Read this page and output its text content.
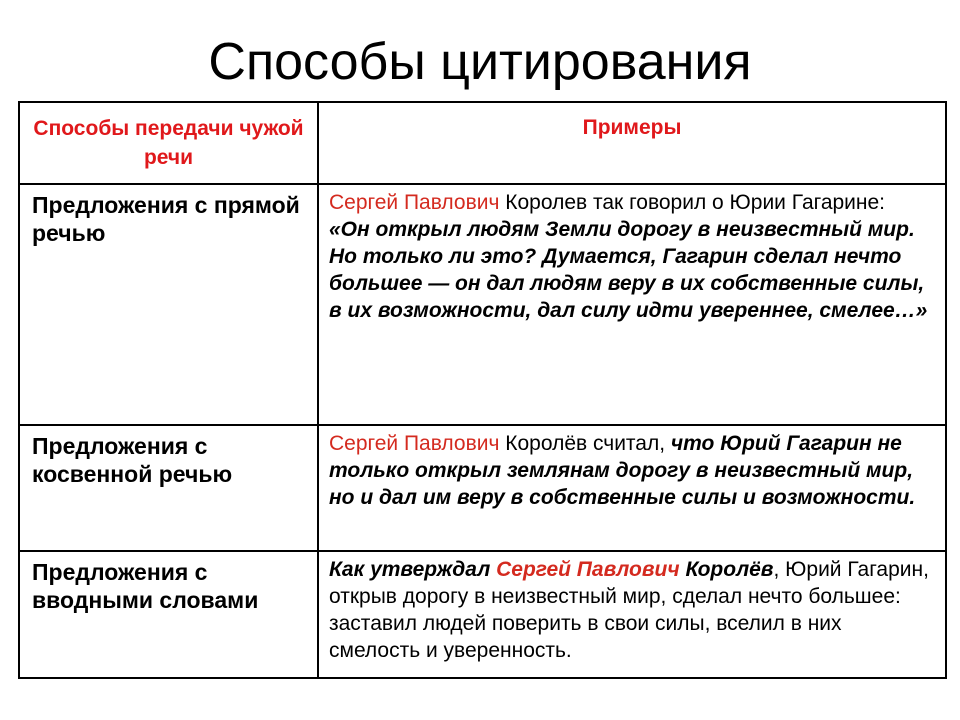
Способы цитирования
Способы передачи чужой речи	Примеры

Предложения с прямой речью	Сергей Павлович Королев так говорил о Юрии Гагарине:
«Он открыл людям Земли дорогу в неизвестный мир. Но только ли это? Думается, Гагарин сделал нечто большее — он дал людям веру в их собственные силы, в их возможности, дал силу идти увереннее, смелее…»

Предложения с косвенной речью	Сергей Павлович Королёв считал, что Юрий Гагарин не только открыл землянам дорогу в неизвестный мир, но и дал им веру в собственные силы и возможности.

Предложения с вводными словами	Как утверждал Сергей Павлович Королёв, Юрий Гагарин, открыв дорогу в неизвестный мир, сделал нечто большее: заставил людей поверить в свои силы, вселил в них смелость и уверенность.
